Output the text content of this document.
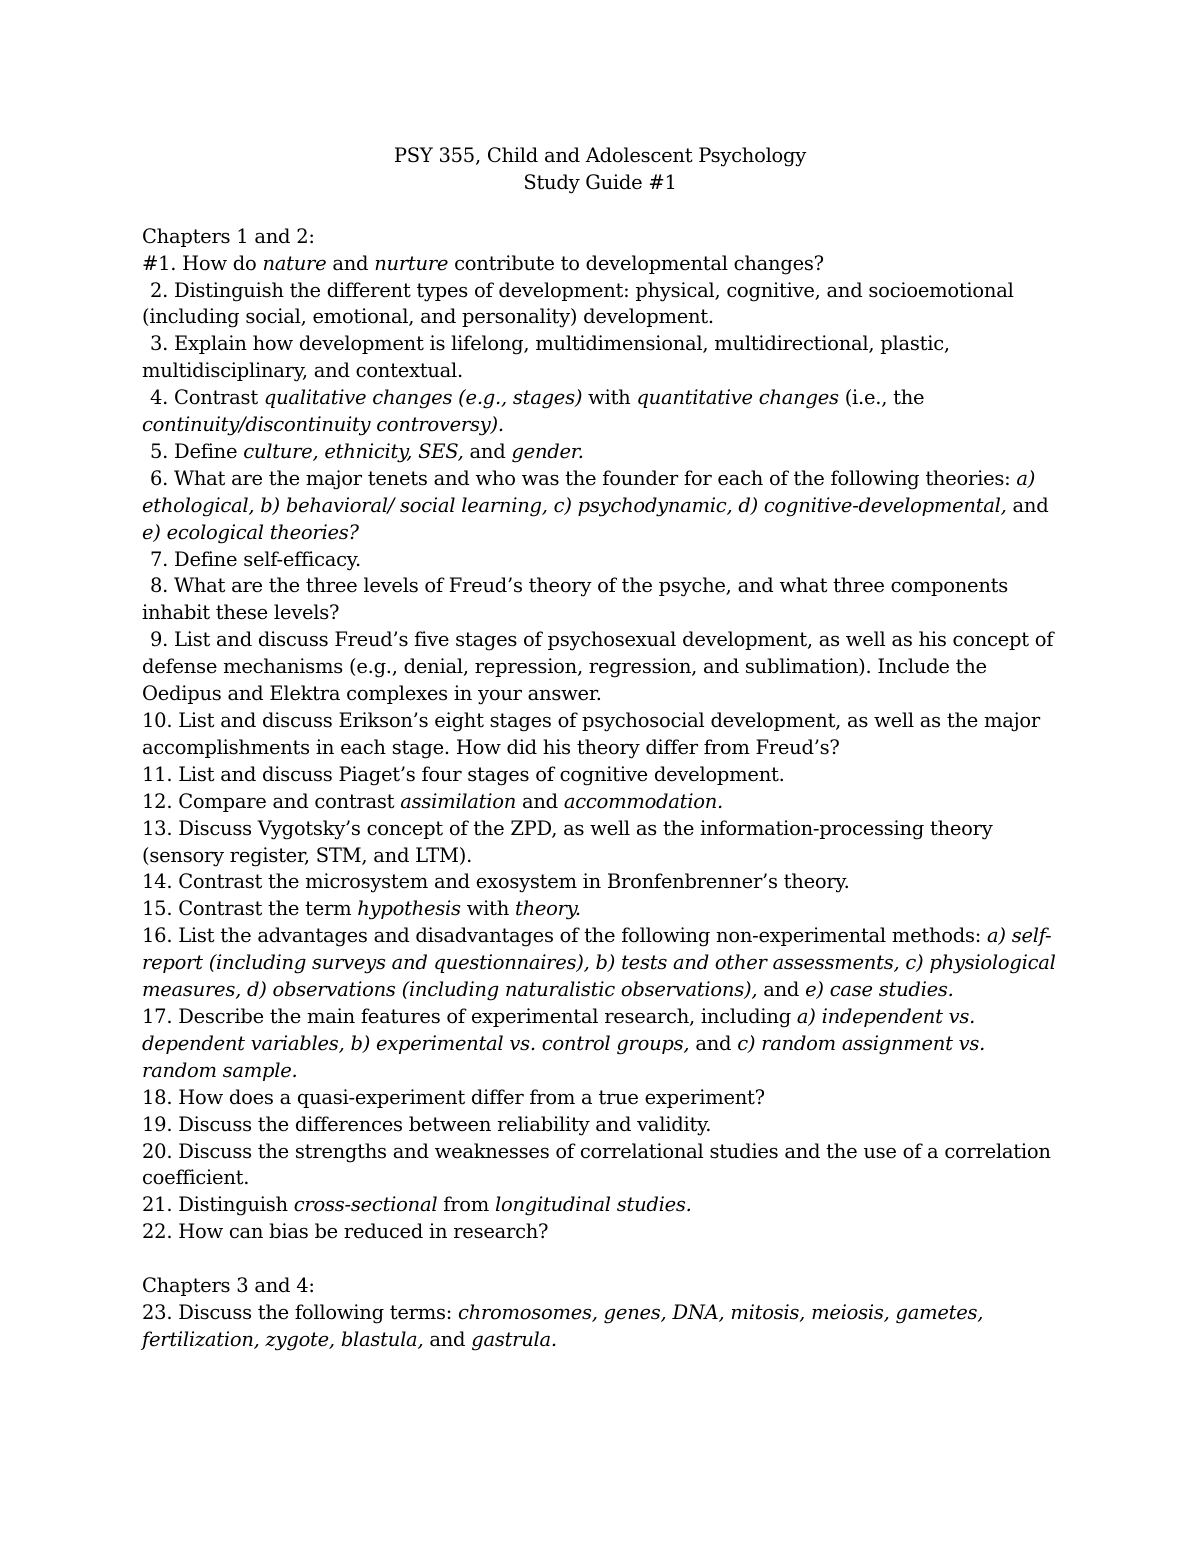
PSY 355, Child and Adolescent Psychology
Study Guide #1

Chapters 1 and 2:

#1. How do nature and nurture contribute to developmental changes?

2. Distinguish the different types of development: physical, cognitive, and socioemotional (including social, emotional, and personality) development.

3. Explain how development is lifelong, multidimensional, multidirectional, plastic, multidisciplinary, and contextual.

4. Contrast qualitative changes (e.g., stages) with quantitative changes (i.e., the continuity/discontinuity controversy).

5. Define culture, ethnicity, SES, and gender.

6. What are the major tenets and who was the founder for each of the following theories: a) ethological, b) behavioral/ social learning, c) psychodynamic, d) cognitive-developmental, and e) ecological theories?

7. Define self-efficacy.

8. What are the three levels of Freud’s theory of the psyche, and what three components inhabit these levels?

9. List and discuss Freud’s five stages of psychosexual development, as well as his concept of defense mechanisms (e.g., denial, repression, regression, and sublimation). Include the Oedipus and Elektra complexes in your answer.

10. List and discuss Erikson’s eight stages of psychosocial development, as well as the major accomplishments in each stage. How did his theory differ from Freud’s?

11. List and discuss Piaget’s four stages of cognitive development.

12. Compare and contrast assimilation and accommodation.

13. Discuss Vygotsky’s concept of the ZPD, as well as the information-processing theory (sensory register, STM, and LTM).

14. Contrast the microsystem and exosystem in Bronfenbrenner’s theory.

15. Contrast the term hypothesis with theory.

16. List the advantages and disadvantages of the following non-experimental methods: a) self-report (including surveys and questionnaires), b) tests and other assessments, c) physiological measures, d) observations (including naturalistic observations), and e) case studies.

17. Describe the main features of experimental research, including a) independent vs. dependent variables, b) experimental vs. control groups, and c) random assignment vs. random sample.

18. How does a quasi-experiment differ from a true experiment?

19. Discuss the differences between reliability and validity.

20. Discuss the strengths and weaknesses of correlational studies and the use of a correlation coefficient.

21. Distinguish cross-sectional from longitudinal studies.

22. How can bias be reduced in research?

Chapters 3 and 4:

23. Discuss the following terms: chromosomes, genes, DNA, mitosis, meiosis, gametes, fertilization, zygote, blastula, and gastrula.
